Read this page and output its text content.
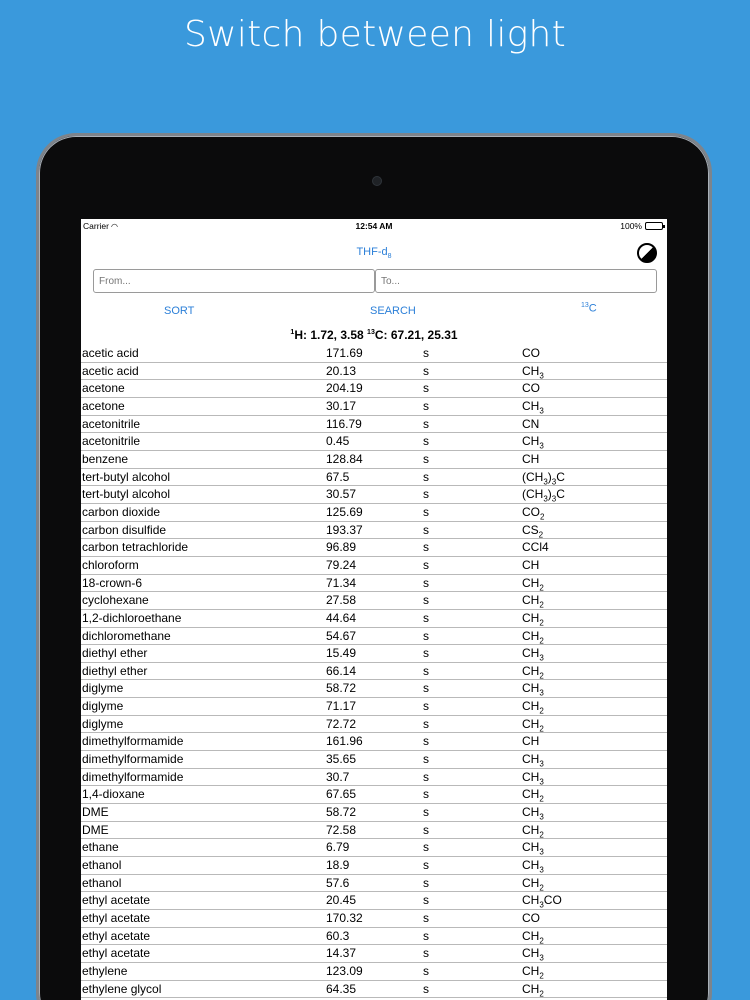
Switch between light
Carrier ◠	12:54 AM	100%
THF-$d_8$
From...
To...
SORT	SEARCH	$^{13}$C
$^1$H: 1.72, 3.58 $^{13}$C: 67.21, 25.31
acetic acid	171.69	s	CO
acetic acid	20.13	s	$CH_3$
acetone	204.19	s	CO
acetone	30.17	s	$CH_3$
acetonitrile	116.79	s	CN
acetonitrile	0.45	s	$CH_3$
benzene	128.84	s	CH
tert-butyl alcohol	67.5	s	$(CH_3)_3C$
tert-butyl alcohol	30.57	s	$(CH_3)_3C$
carbon dioxide	125.69	s	$CO_2$
carbon disulfide	193.37	s	$CS_2$
carbon tetrachloride	96.89	s	CCl4
chloroform	79.24	s	CH
18-crown-6	71.34	s	$CH_2$
cyclohexane	27.58	s	$CH_2$
1,2-dichloroethane	44.64	s	$CH_2$
dichloromethane	54.67	s	$CH_2$
diethyl ether	15.49	s	$CH_3$
diethyl ether	66.14	s	$CH_2$
diglyme	58.72	s	$CH_3$
diglyme	71.17	s	$CH_2$
diglyme	72.72	s	$CH_2$
dimethylformamide	161.96	s	CH
dimethylformamide	35.65	s	$CH_3$
dimethylformamide	30.7	s	$CH_3$
1,4-dioxane	67.65	s	$CH_2$
DME	58.72	s	$CH_3$
DME	72.58	s	$CH_2$
ethane	6.79	s	$CH_3$
ethanol	18.9	s	$CH_3$
ethanol	57.6	s	$CH_2$
ethyl acetate	20.45	s	$CH_3CO$
ethyl acetate	170.32	s	CO
ethyl acetate	60.3	s	$CH_2$
ethyl acetate	14.37	s	$CH_3$
ethylene	123.09	s	$CH_2$
ethylene glycol	64.35	s	$CH_2$
